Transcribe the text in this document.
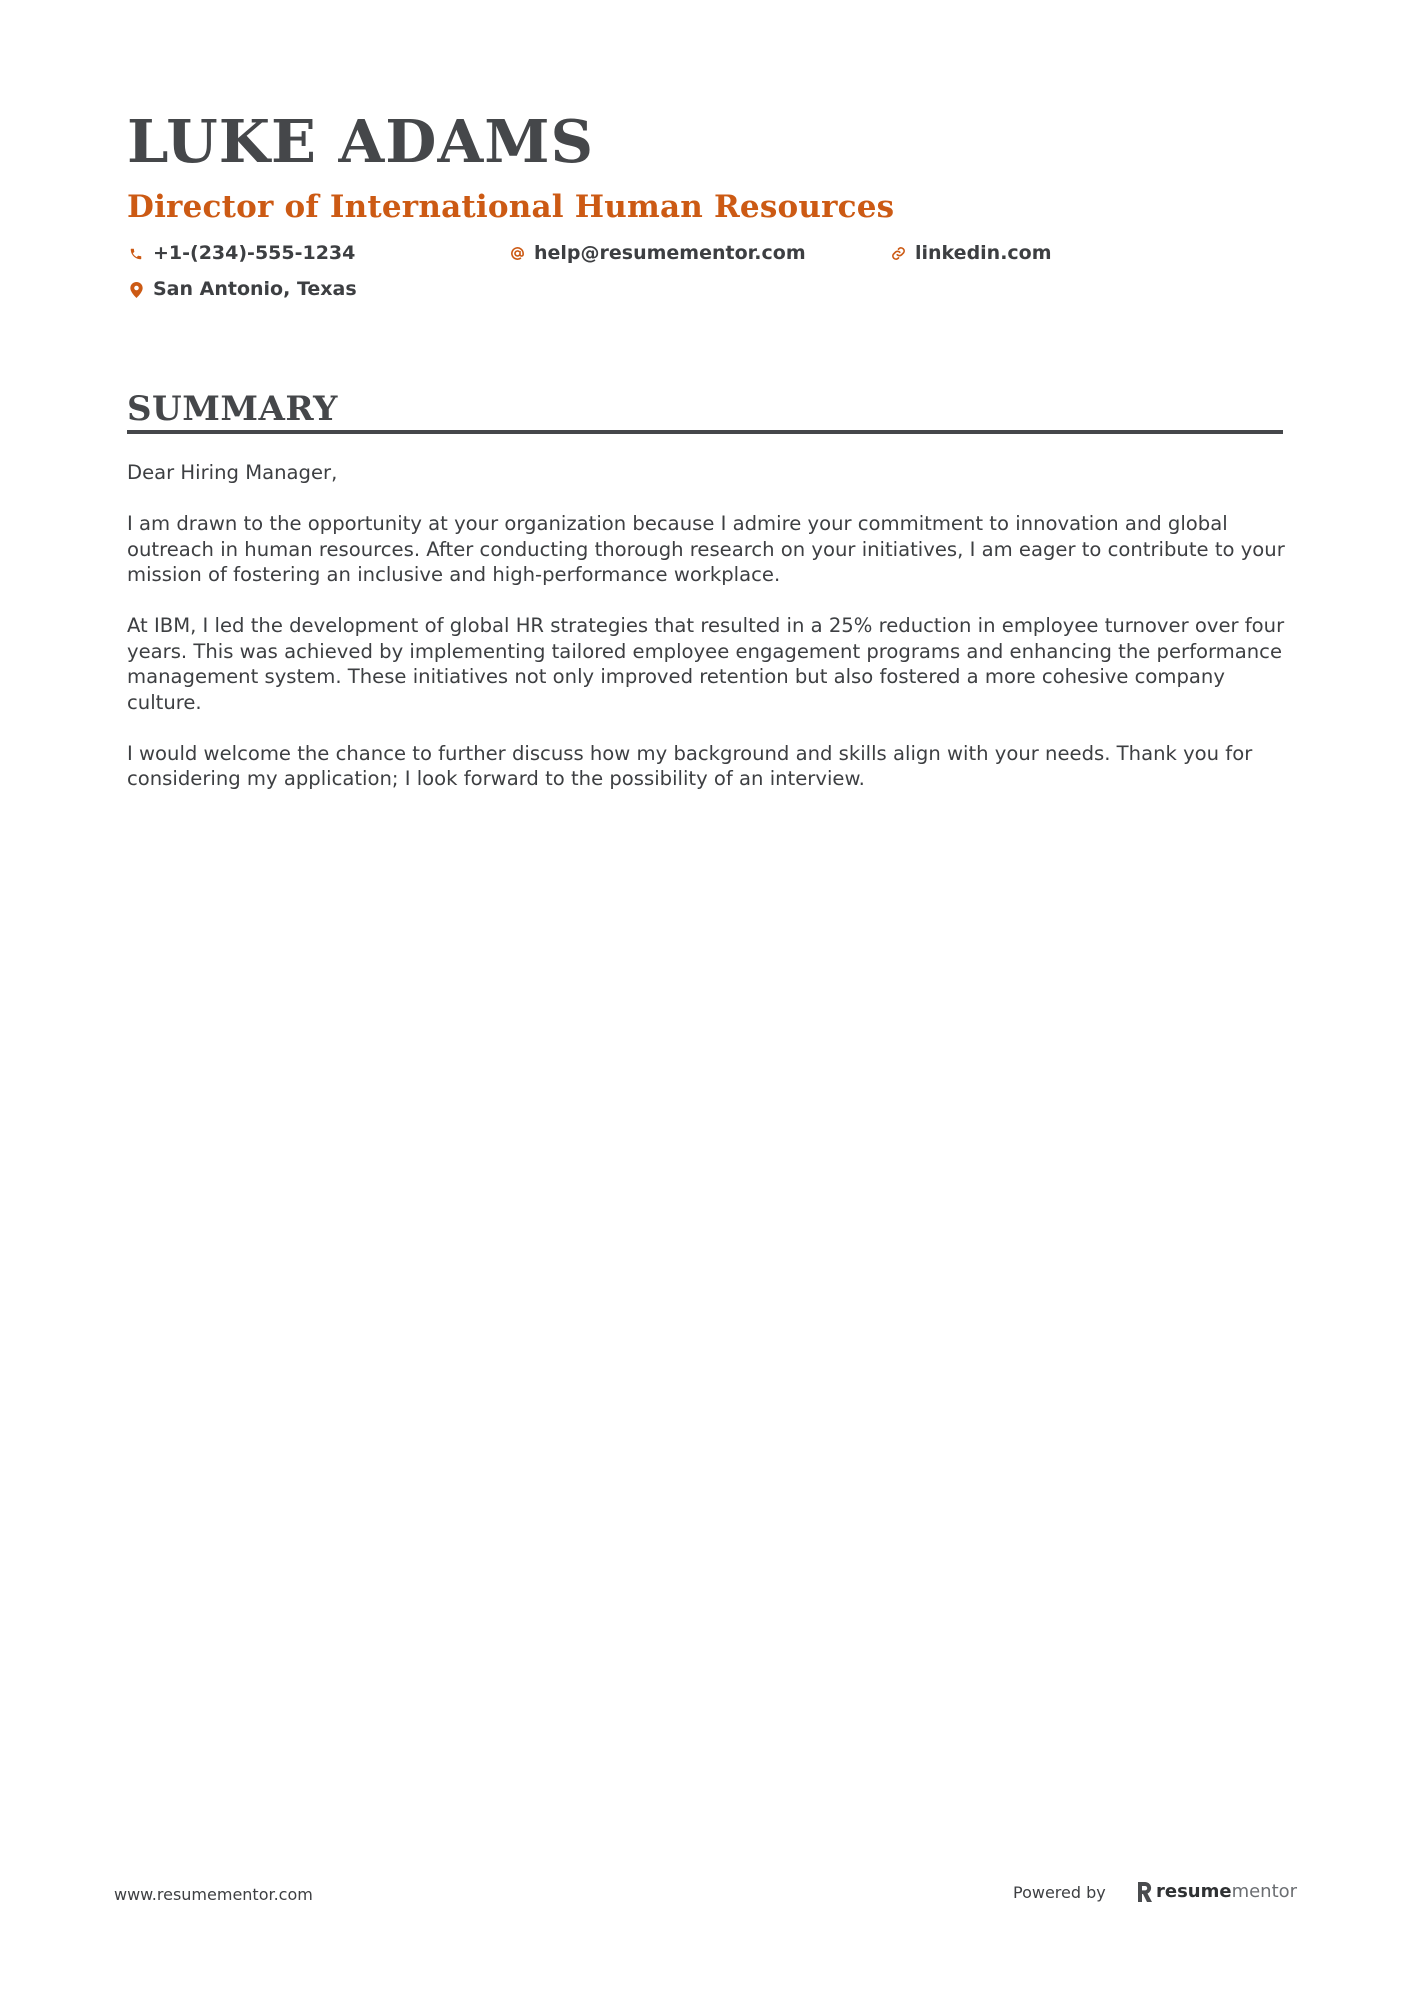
LUKE ADAMS
Director of International Human Resources
+1-(234)-555-1234	help@resumementor.com	linkedin.com
San Antonio, Texas
SUMMARY

Dear Hiring Manager,

I am drawn to the opportunity at your organization because I admire your commitment to innovation and global outreach in human resources. After conducting thorough research on your initiatives, I am eager to contribute to your mission of fostering an inclusive and high-performance workplace.

At IBM, I led the development of global HR strategies that resulted in a 25% reduction in employee turnover over four years. This was achieved by implementing tailored employee engagement programs and enhancing the performance management system. These initiatives not only improved retention but also fostered a more cohesive company culture.

I would welcome the chance to further discuss how my background and skills align with your needs. Thank you for considering my application; I look forward to the possibility of an interview.

www.resumementor.com	Powered by	resume mentor
